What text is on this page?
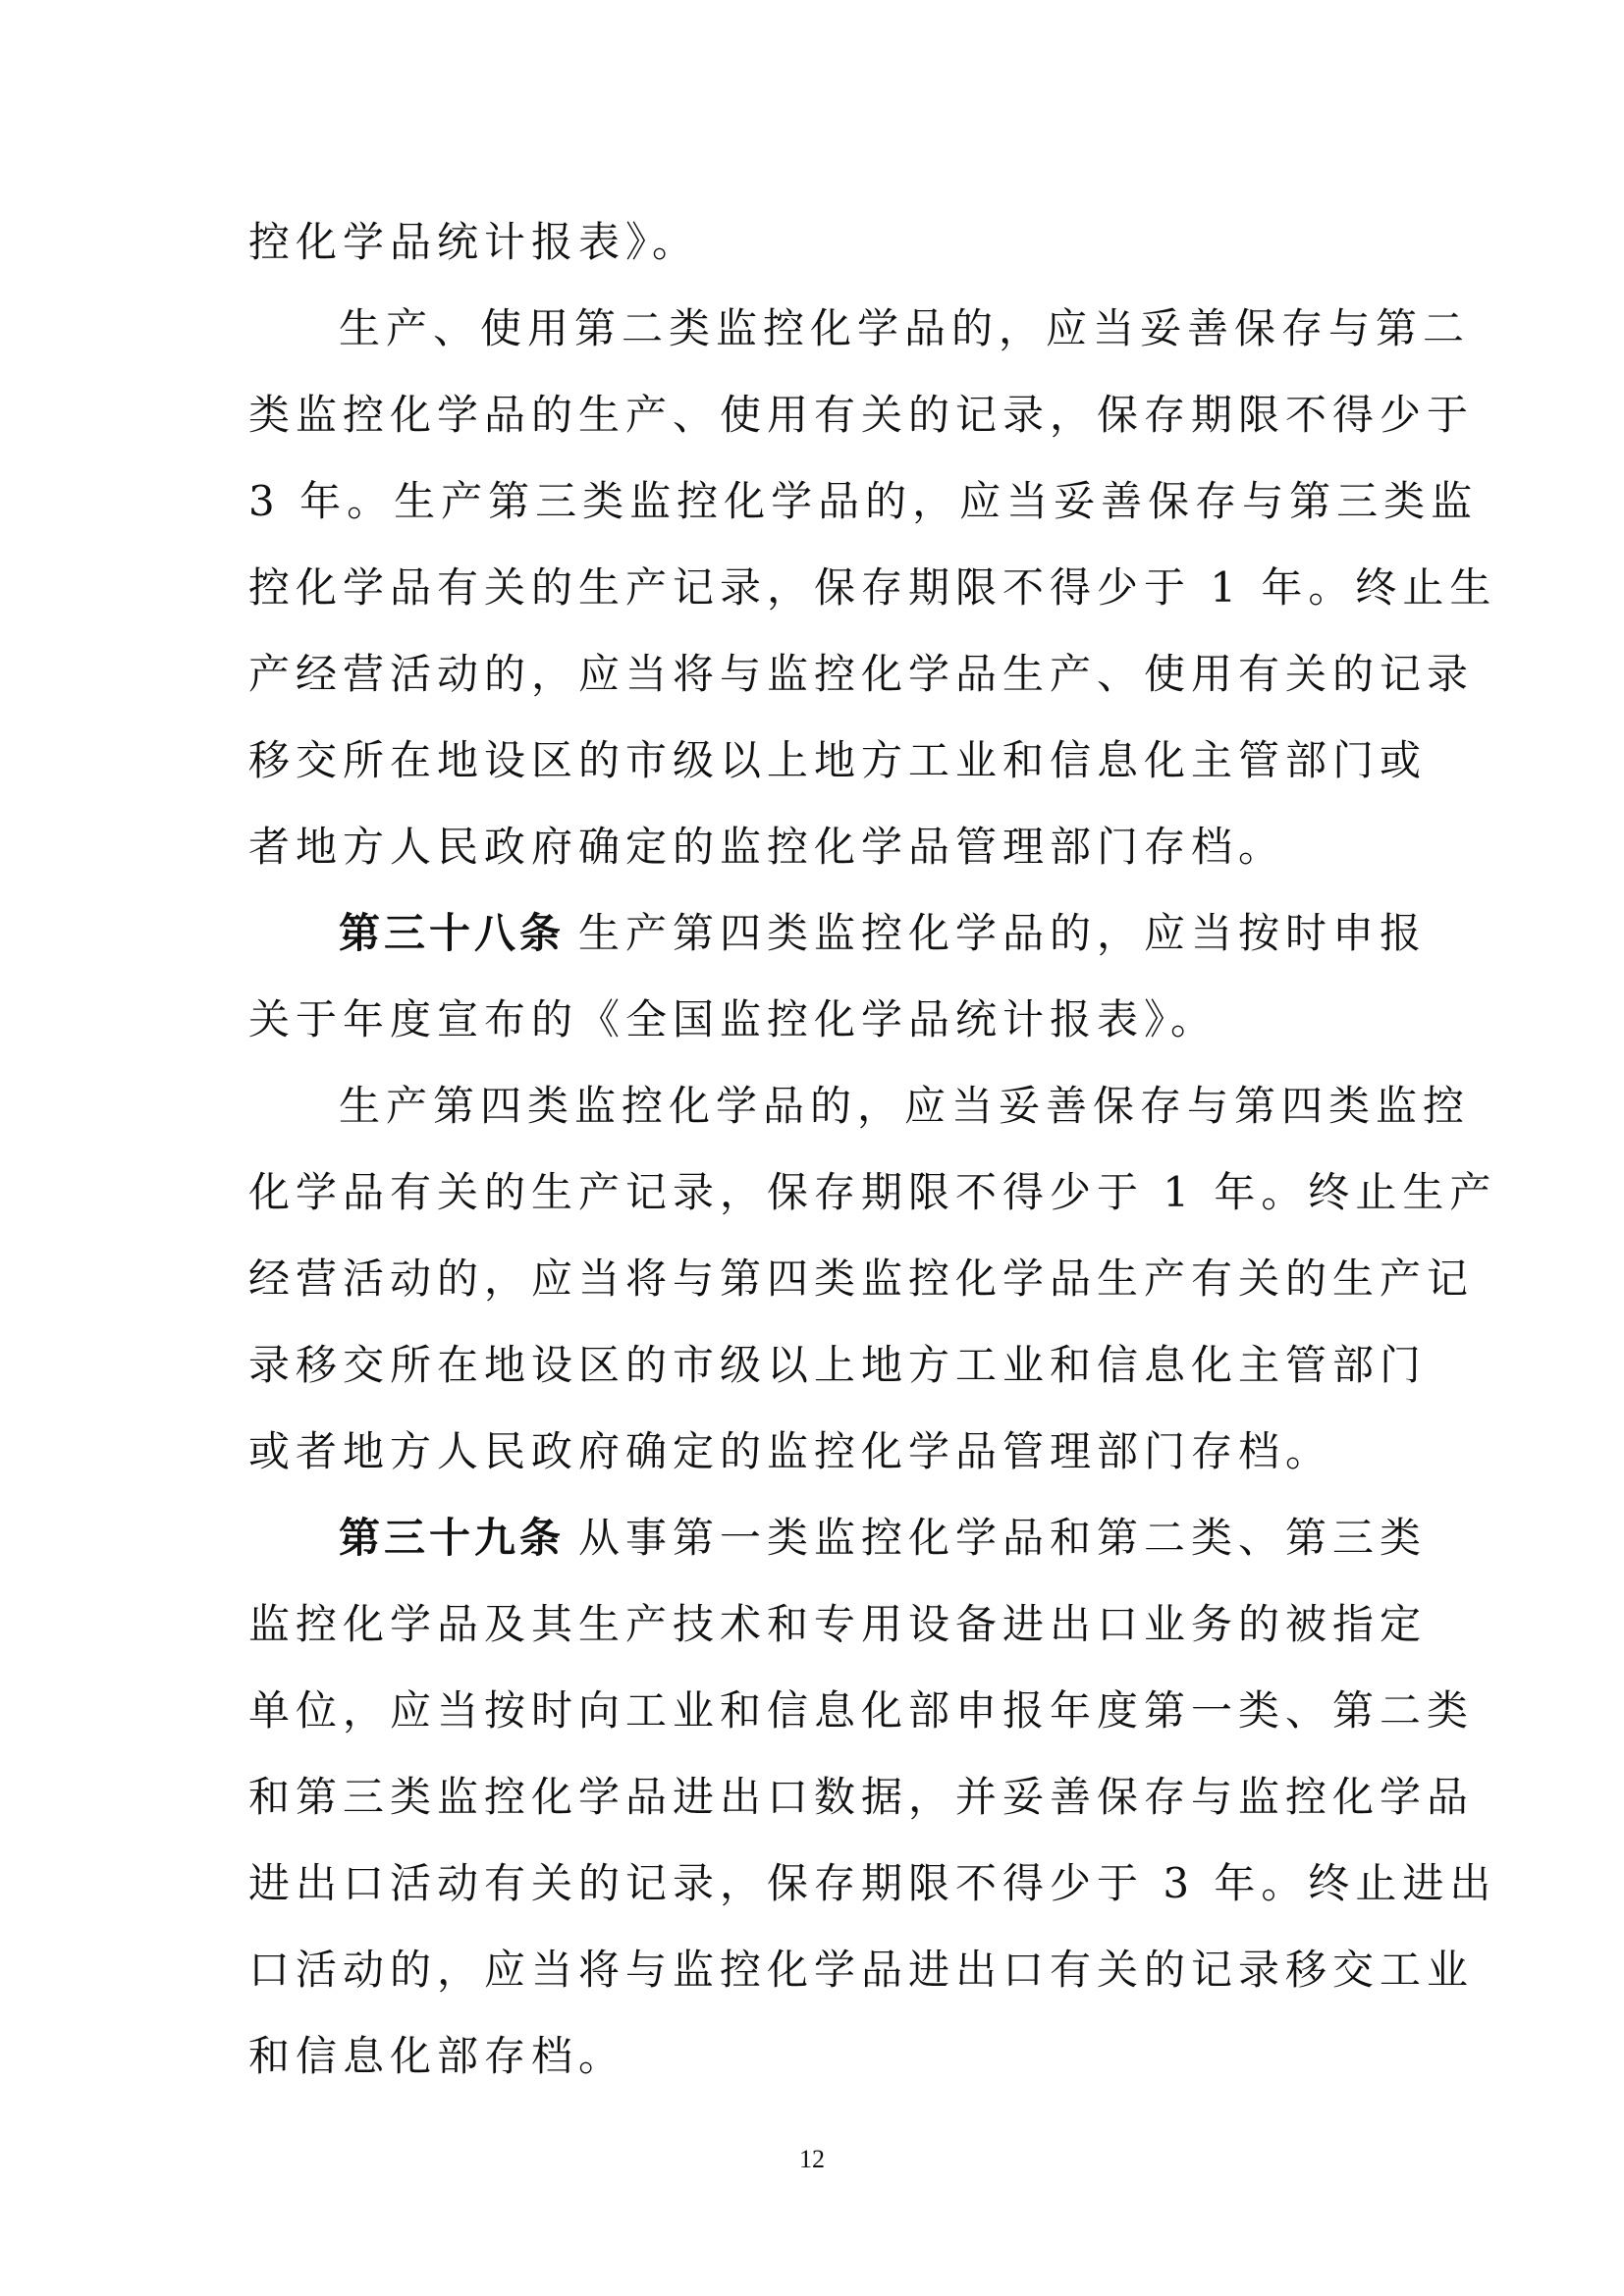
控化学品统计报表》。
生产、使用第二类监控化学品的，应当妥善保存与第二
类监控化学品的生产、使用有关的记录，保存期限不得少于
3 年。生产第三类监控化学品的，应当妥善保存与第三类监
控化学品有关的生产记录，保存期限不得少于 1 年。终止生
产经营活动的，应当将与监控化学品生产、使用有关的记录
移交所在地设区的市级以上地方工业和信息化主管部门或
者地方人民政府确定的监控化学品管理部门存档。
第三十八条 生产第四类监控化学品的，应当按时申报
关于年度宣布的《全国监控化学品统计报表》。
生产第四类监控化学品的，应当妥善保存与第四类监控
化学品有关的生产记录，保存期限不得少于 1 年。终止生产
经营活动的，应当将与第四类监控化学品生产有关的生产记
录移交所在地设区的市级以上地方工业和信息化主管部门
或者地方人民政府确定的监控化学品管理部门存档。
第三十九条 从事第一类监控化学品和第二类、第三类
监控化学品及其生产技术和专用设备进出口业务的被指定
单位，应当按时向工业和信息化部申报年度第一类、第二类
和第三类监控化学品进出口数据，并妥善保存与监控化学品
进出口活动有关的记录，保存期限不得少于 3 年。终止进出
口活动的，应当将与监控化学品进出口有关的记录移交工业
和信息化部存档。
12
